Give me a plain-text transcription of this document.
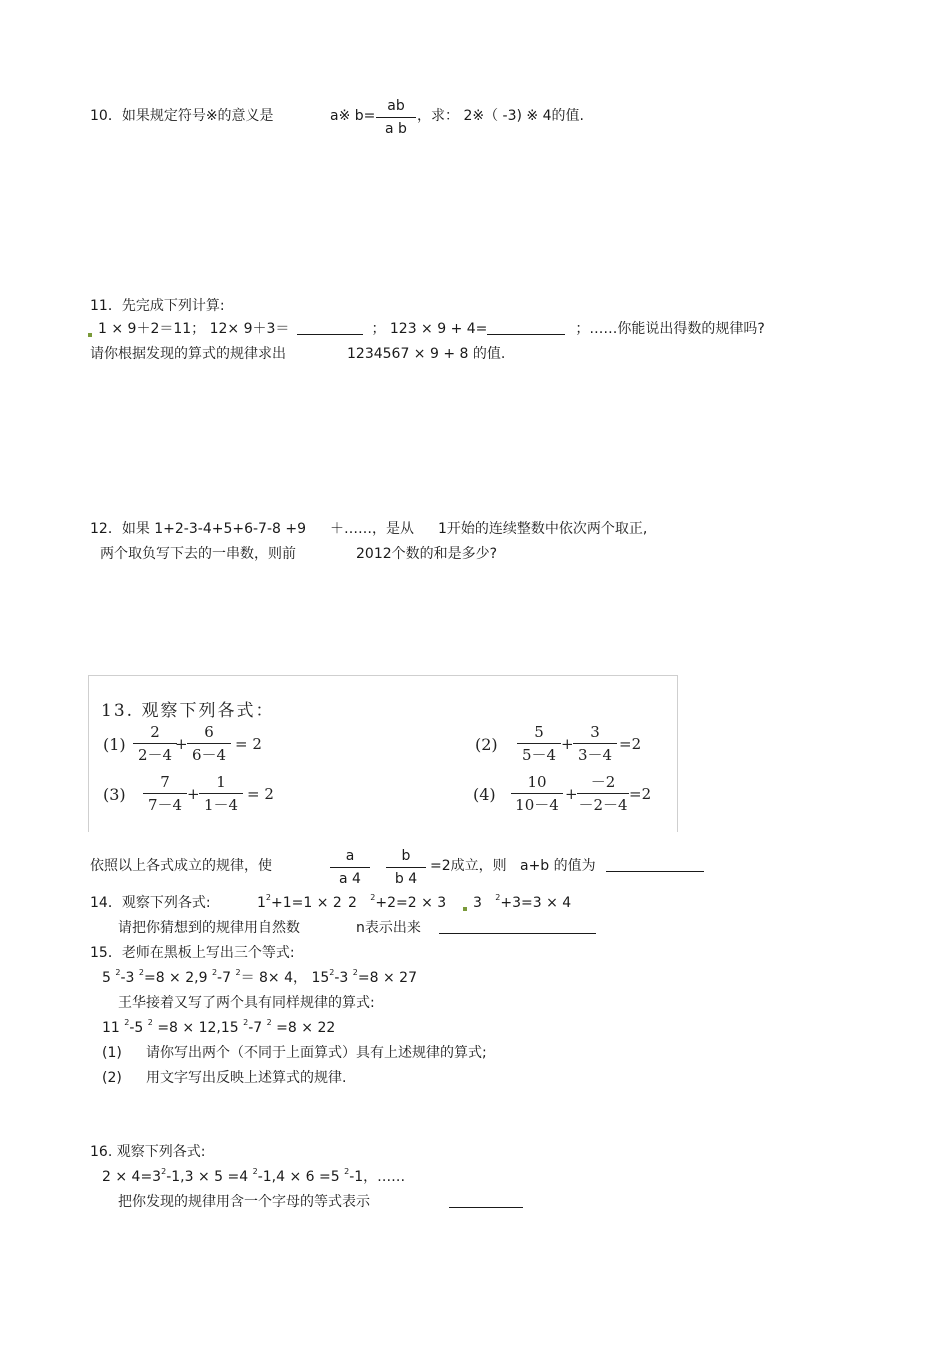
10．如果规定符号※的意义是	a※ b=
ab
a b
，求： 2※（ -3) ※ 4的值.
11．先完成下列计算:
1 × 9＋2＝11； 12× 9＋3＝	； 123 × 9 + 4=	；……你能说出得数的规律吗?
请你根据发现的算式的规律求出	1234567 × 9 + 8 的值.
12．如果 1+2-3-4+5+6-7-8 +9 ＋……，是从 1开始的连续整数中依次两个取正,
两个取负写下去的一串数，则前	2012个数的和是多少?
13. 观察下列各式：
(1)
2
2－4
+
6
6－4
= 2	(2)
5
5－4
+
3
3－4
=2
(3)
7
7－4
+
1
1－4
= 2	(4)
10
10－4
+
－2
－2－4
=2
依照以上各式成立的规律，使
a
a 4
b
b 4
=2成立，则 a+b 的值为
14．观察下列各式:	$1^2+1=1 \times 2$ 2 $^2$+2=2 × 3	3 $^2$+3=3 × 4
请把你猜想到的规律用自然数	n表示出来
15．老师在黑板上写出三个等式:
5 $^2$-3 $^2$=8 × 2,9 $^2$-7 $^2$＝ 8× 4， $15^2-3$ $^2$=8 × 27
王华接着又写了两个具有同样规律的算式:
11 $^2$-5 $^2$ =8 × 12,15 $^2$-7 $^2$ =8 × 22
(1) 请你写出两个（不同于上面算式）具有上述规律的算式;
(2) 用文字写出反映上述算式的规律.
16. 观察下列各式:
$2 \times 4=3^2-1,3 \times 5 =4$ $^2$-1,4 × 6 =5 $^2$-1，……
把你发现的规律用含一个字母的等式表示
